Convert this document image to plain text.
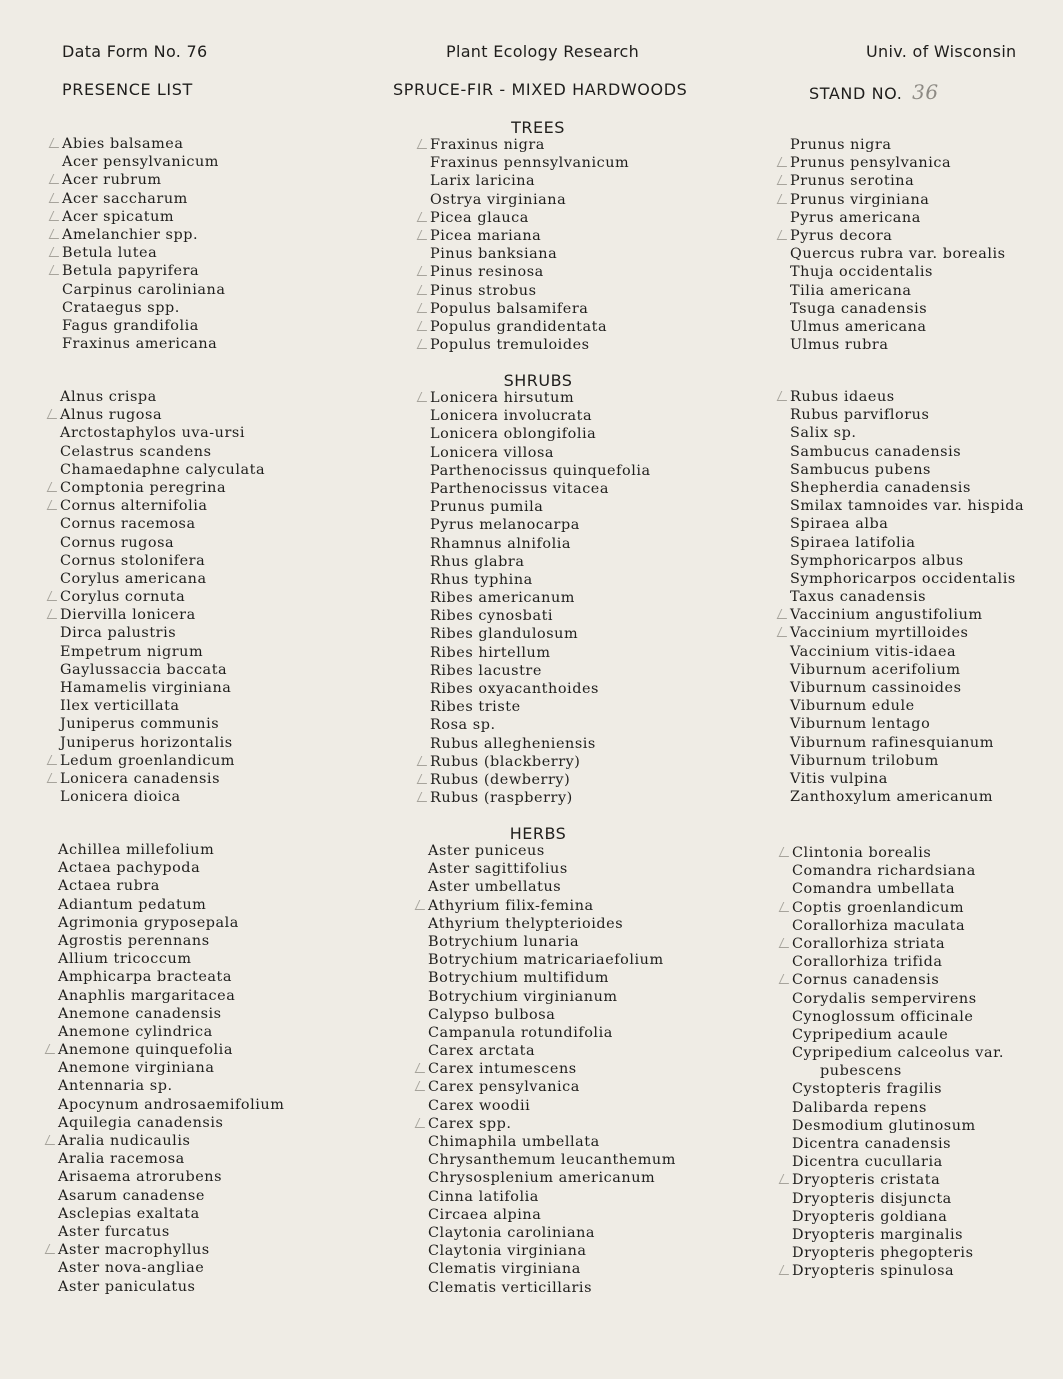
Data Form No. 76	Plant Ecology Research	Univ. of Wisconsin
PRESENCE LIST	SPRUCE-FIR - MIXED HARDWOODS	STAND NO. 36
TREES
SHRUBS
HERBS
Abies balsamea
Acer pensylvanicum
Acer rubrum
Acer saccharum
Acer spicatum
Amelanchier spp.
Betula lutea
Betula papyrifera
Carpinus caroliniana
Crataegus spp.
Fagus grandifolia
Fraxinus americana
Fraxinus nigra
Fraxinus pennsylvanicum
Larix laricina
Ostrya virginiana
Picea glauca
Picea mariana
Pinus banksiana
Pinus resinosa
Pinus strobus
Populus balsamifera
Populus grandidentata
Populus tremuloides
Prunus nigra
Prunus pensylvanica
Prunus serotina
Prunus virginiana
Pyrus americana
Pyrus decora
Quercus rubra var. borealis
Thuja occidentalis
Tilia americana
Tsuga canadensis
Ulmus americana
Ulmus rubra
Alnus crispa
Alnus rugosa
Arctostaphylos uva-ursi
Celastrus scandens
Chamaedaphne calyculata
Comptonia peregrina
Cornus alternifolia
Cornus racemosa
Cornus rugosa
Cornus stolonifera
Corylus americana
Corylus cornuta
Diervilla lonicera
Dirca palustris
Empetrum nigrum
Gaylussaccia baccata
Hamamelis virginiana
Ilex verticillata
Juniperus communis
Juniperus horizontalis
Ledum groenlandicum
Lonicera canadensis
Lonicera dioica
Lonicera hirsutum
Lonicera involucrata
Lonicera oblongifolia
Lonicera villosa
Parthenocissus quinquefolia
Parthenocissus vitacea
Prunus pumila
Pyrus melanocarpa
Rhamnus alnifolia
Rhus glabra
Rhus typhina
Ribes americanum
Ribes cynosbati
Ribes glandulosum
Ribes hirtellum
Ribes lacustre
Ribes oxyacanthoides
Ribes triste
Rosa sp.
Rubus allegheniensis
Rubus (blackberry)
Rubus (dewberry)
Rubus (raspberry)
Rubus idaeus
Rubus parviflorus
Salix sp.
Sambucus canadensis
Sambucus pubens
Shepherdia canadensis
Smilax tamnoides var. hispida
Spiraea alba
Spiraea latifolia
Symphoricarpos albus
Symphoricarpos occidentalis
Taxus canadensis
Vaccinium angustifolium
Vaccinium myrtilloides
Vaccinium vitis-idaea
Viburnum acerifolium
Viburnum cassinoides
Viburnum edule
Viburnum lentago
Viburnum rafinesquianum
Viburnum trilobum
Vitis vulpina
Zanthoxylum americanum
Achillea millefolium
Actaea pachypoda
Actaea rubra
Adiantum pedatum
Agrimonia gryposepala
Agrostis perennans
Allium tricoccum
Amphicarpa bracteata
Anaphlis margaritacea
Anemone canadensis
Anemone cylindrica
Anemone quinquefolia
Anemone virginiana
Antennaria sp.
Apocynum androsaemifolium
Aquilegia canadensis
Aralia nudicaulis
Aralia racemosa
Arisaema atrorubens
Asarum canadense
Asclepias exaltata
Aster furcatus
Aster macrophyllus
Aster nova-angliae
Aster paniculatus
Aster puniceus
Aster sagittifolius
Aster umbellatus
Athyrium filix-femina
Athyrium thelypterioides
Botrychium lunaria
Botrychium matricariaefolium
Botrychium multifidum
Botrychium virginianum
Calypso bulbosa
Campanula rotundifolia
Carex arctata
Carex intumescens
Carex pensylvanica
Carex woodii
Carex spp.
Chimaphila umbellata
Chrysanthemum leucanthemum
Chrysosplenium americanum
Cinna latifolia
Circaea alpina
Claytonia caroliniana
Claytonia virginiana
Clematis virginiana
Clematis verticillaris
Clintonia borealis
Comandra richardsiana
Comandra umbellata
Coptis groenlandicum
Corallorhiza maculata
Corallorhiza striata
Corallorhiza trifida
Cornus canadensis
Corydalis sempervirens
Cynoglossum officinale
Cypripedium acaule
Cypripedium calceolus var.
pubescens
Cystopteris fragilis
Dalibarda repens
Desmodium glutinosum
Dicentra canadensis
Dicentra cucullaria
Dryopteris cristata
Dryopteris disjuncta
Dryopteris goldiana
Dryopteris marginalis
Dryopteris phegopteris
Dryopteris spinulosa
